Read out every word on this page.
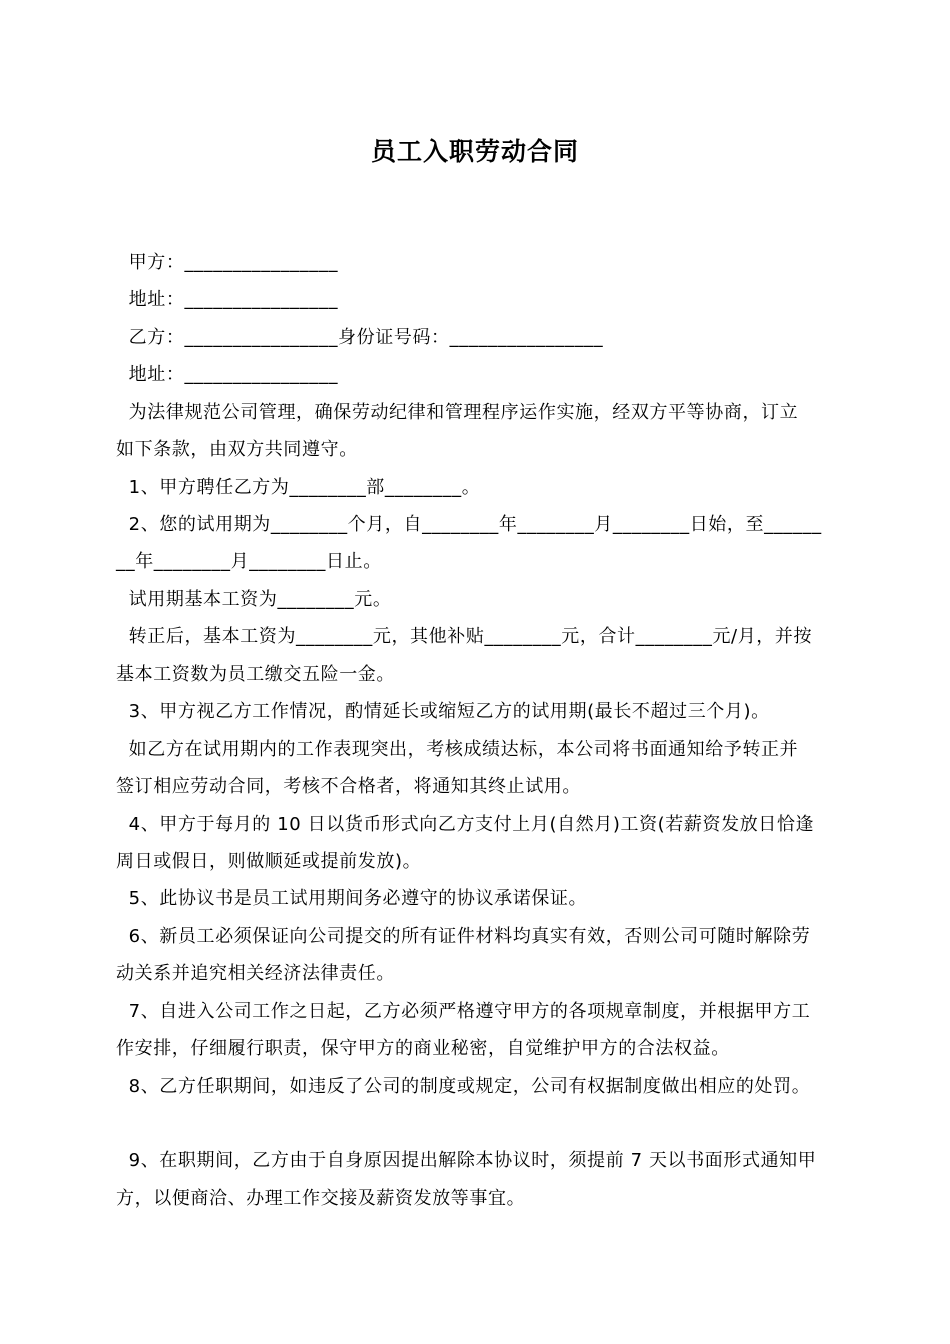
员工入职劳动合同
甲方：________________
地址：________________
乙方：________________身份证号码：________________
地址：________________
为法律规范公司管理，确保劳动纪律和管理程序运作实施，经双方平等协商，订立
如下条款，由双方共同遵守。
1、甲方聘任乙方为________部________。
2、您的试用期为________个月，自________年________月________日始，至______
__年________月________日止。
试用期基本工资为________元。
转正后，基本工资为________元，其他补贴________元，合计________元/月，并按
基本工资数为员工缴交五险一金。
3、甲方视乙方工作情况，酌情延长或缩短乙方的试用期(最长不超过三个月)。
如乙方在试用期内的工作表现突出，考核成绩达标，本公司将书面通知给予转正并
签订相应劳动合同，考核不合格者，将通知其终止试用。
4、甲方于每月的 10 日以货币形式向乙方支付上月(自然月)工资(若薪资发放日恰逢
周日或假日，则做顺延或提前发放)。
5、此协议书是员工试用期间务必遵守的协议承诺保证。
6、新员工必须保证向公司提交的所有证件材料均真实有效，否则公司可随时解除劳
动关系并追究相关经济法律责任。
7、自进入公司工作之日起，乙方必须严格遵守甲方的各项规章制度，并根据甲方工
作安排，仔细履行职责，保守甲方的商业秘密，自觉维护甲方的合法权益。
8、乙方任职期间，如违反了公司的制度或规定，公司有权据制度做出相应的处罚。
9、在职期间，乙方由于自身原因提出解除本协议时，须提前 7 天以书面形式通知甲
方，以便商洽、办理工作交接及薪资发放等事宜。
